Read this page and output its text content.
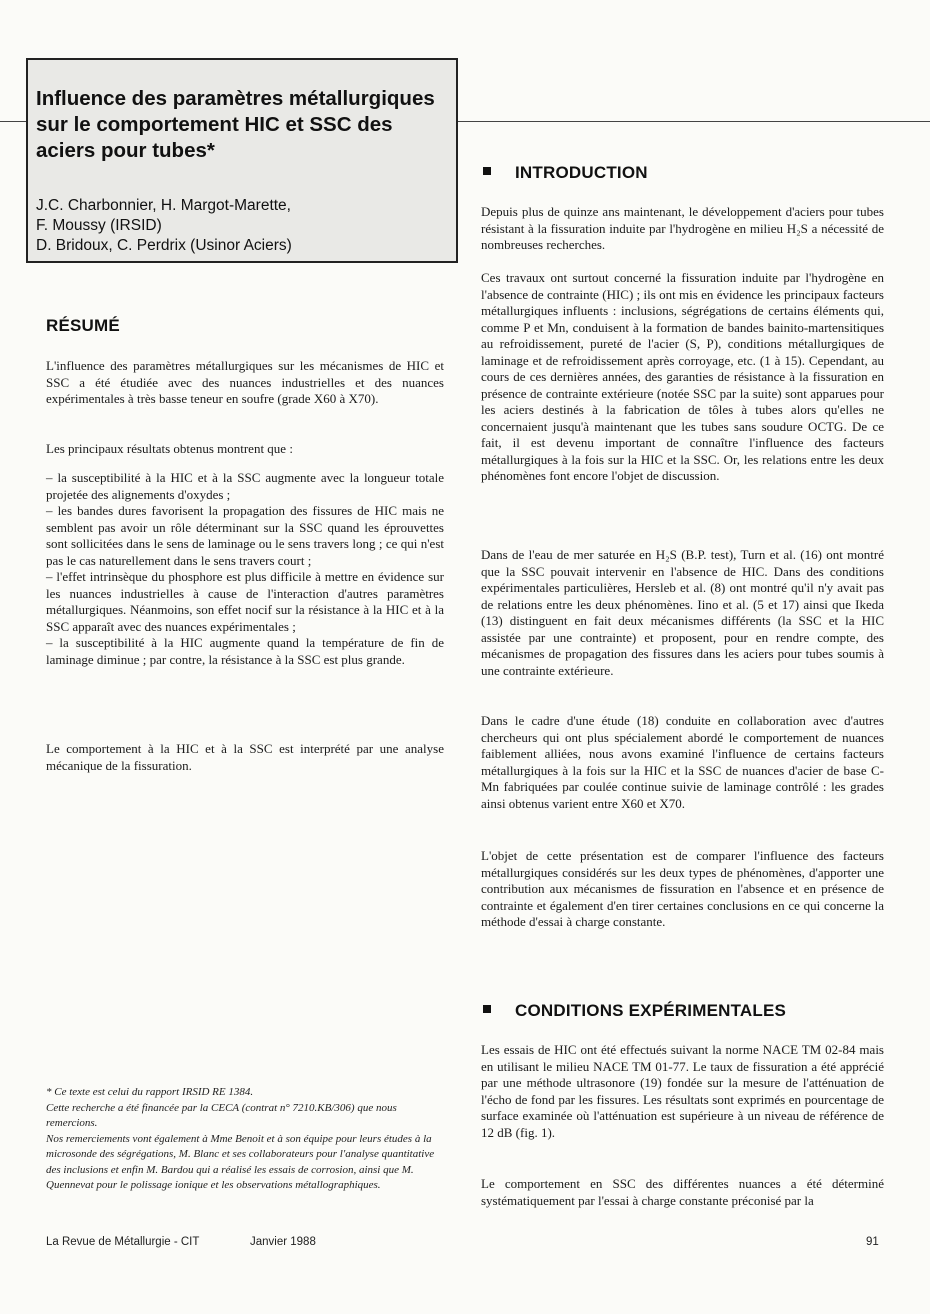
Influence des paramètres métallurgiques sur le comportement HIC et SSC des aciers pour tubes*
J.C. Charbonnier, H. Margot-Marette,
F. Moussy (IRSID)
D. Bridoux, C. Perdrix (Usinor Aciers)
RÉSUMÉ

L'influence des paramètres métallurgiques sur les mécanismes de HIC et SSC a été étudiée avec des nuances industrielles et des nuances expérimentales à très basse teneur en soufre (grade X60 à X70).

Les principaux résultats obtenus montrent que :

– la susceptibilité à la HIC et à la SSC augmente avec la longueur totale projetée des alignements d'oxydes ;
– les bandes dures favorisent la propagation des fissures de HIC mais ne semblent pas avoir un rôle déterminant sur la SSC quand les éprouvettes sont sollicitées dans le sens de laminage ou le sens travers long ; ce qui n'est pas le cas naturellement dans le sens travers court ;
– l'effet intrinsèque du phosphore est plus difficile à mettre en évidence sur les nuances industrielles à cause de l'interaction d'autres paramètres métallurgiques. Néanmoins, son effet nocif sur la résistance à la HIC et à la SSC apparaît avec des nuances expérimentales ;
– la susceptibilité à la HIC augmente quand la température de fin de laminage diminue ; par contre, la résistance à la SSC est plus grande.

Le comportement à la HIC et à la SSC est interprété par une analyse mécanique de la fissuration.

* Ce texte est celui du rapport IRSID RE 1384.

Cette recherche a été financée par la CECA (contrat n° 7210.KB/306) que nous remercions.

Nos remerciements vont également à Mme Benoit et à son équipe pour leurs études à la microsonde des ségrégations, M. Blanc et ses collaborateurs pour l'analyse quantitative des inclusions et enfin M. Bardou qui a réalisé les essais de corrosion, ainsi que M. Quennevat pour le polissage ionique et les observations métallographiques.

INTRODUCTION

Depuis plus de quinze ans maintenant, le développement d'aciers pour tubes résistant à la fissuration induite par l'hydrogène en milieu H₂S a nécessité de nombreuses recherches.

Ces travaux ont surtout concerné la fissuration induite par l'hydrogène en l'absence de contrainte (HIC) ; ils ont mis en évidence les principaux facteurs métallurgiques influents : inclusions, ségrégations de certains éléments qui, comme P et Mn, conduisent à la formation de bandes bainito-martensitiques au refroidissement, pureté de l'acier (S, P), conditions métallurgiques de laminage et de refroidissement après corroyage, etc. (1 à 15). Cependant, au cours de ces dernières années, des garanties de résistance à la fissuration en présence de contrainte extérieure (notée SSC par la suite) sont apparues pour les aciers destinés à la fabrication de tôles à tubes alors qu'elles ne concernaient jusqu'à maintenant que les tubes sans soudure OCTG. De ce fait, il est devenu important de connaître l'influence des facteurs métallurgiques à la fois sur la HIC et la SSC. Or, les relations entre les deux phénomènes font encore l'objet de discussion.

Dans de l'eau de mer saturée en H₂S (B.P. test), Turn et al. (16) ont montré que la SSC pouvait intervenir en l'absence de HIC. Dans des conditions expérimentales particulières, Hersleb et al. (8) ont montré qu'il n'y avait pas de relations entre les deux phénomènes. Iino et al. (5 et 17) ainsi que Ikeda (13) distinguent en fait deux mécanismes différents (la SSC et la HIC assistée par une contrainte) et proposent, pour en rendre compte, des mécanismes de propagation des fissures dans les aciers pour tubes soumis à une contrainte extérieure.

Dans le cadre d'une étude (18) conduite en collaboration avec d'autres chercheurs qui ont plus spécialement abordé le comportement de nuances faiblement alliées, nous avons examiné l'influence de certains facteurs métallurgiques à la fois sur la HIC et la SSC de nuances d'acier de base C-Mn fabriquées par coulée continue suivie de laminage contrôlé : les grades ainsi obtenus varient entre X60 et X70.

L'objet de cette présentation est de comparer l'influence des facteurs métallurgiques considérés sur les deux types de phénomènes, d'apporter une contribution aux mécanismes de fissuration en l'absence et en présence de contrainte et également d'en tirer certaines conclusions en ce qui concerne la méthode d'essai à charge constante.

CONDITIONS EXPÉRIMENTALES

Les essais de HIC ont été effectués suivant la norme NACE TM 02-84 mais en utilisant le milieu NACE TM 01-77. Le taux de fissuration a été apprécié par une méthode ultrasonore (19) fondée sur la mesure de l'atténuation de l'écho de fond par les fissures. Les résultats sont exprimés en pourcentage de surface examinée où l'atténuation est supérieure à un niveau de référence de 12 dB (fig. 1).

Le comportement en SSC des différentes nuances a été déterminé systématiquement par l'essai à charge constante préconisé par la

La Revue de Métallurgie - CIT	Janvier 1988	91
